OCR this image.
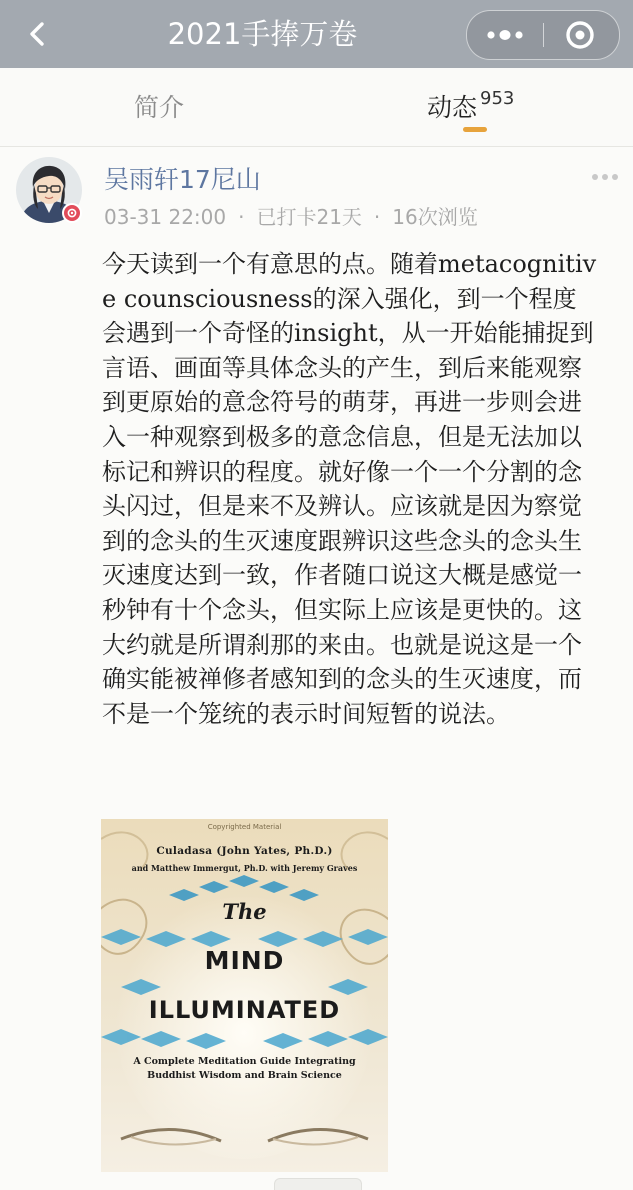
2021手捧万卷
简介	动态 $^{953}$
吴雨轩17尼山
03-31 22:00 · 已打卡21天 · 16次浏览

今天读到一个有意思的点。随着metacognitive counsciousness的深入强化，到一个程度会遇到一个奇怪的insight，从一开始能捕捉到言语、画面等具体念头的产生，到后来能观察到更原始的意念符号的萌芽，再进一步则会进入一种观察到极多的意念信息，但是无法加以标记和辨识的程度。就好像一个一个分割的念头闪过，但是来不及辨认。应该就是因为察觉到的念头的生灭速度跟辨识这些念头的念头生灭速度达到一致，作者随口说这大概是感觉一秒钟有十个念头，但实际上应该是更快的。这大约就是所谓刹那的来由。也就是说这是一个确实能被禅修者感知到的念头的生灭速度，而不是一个笼统的表示时间短暂的说法。

Copyrighted Material
Culadasa (John Yates, Ph.D.)
and Matthew Immergut, Ph.D. with Jeremy Graves
The
MIND
ILLUMINATED
A Complete Meditation Guide Integrating Buddhist Wisdom and Brain Science
